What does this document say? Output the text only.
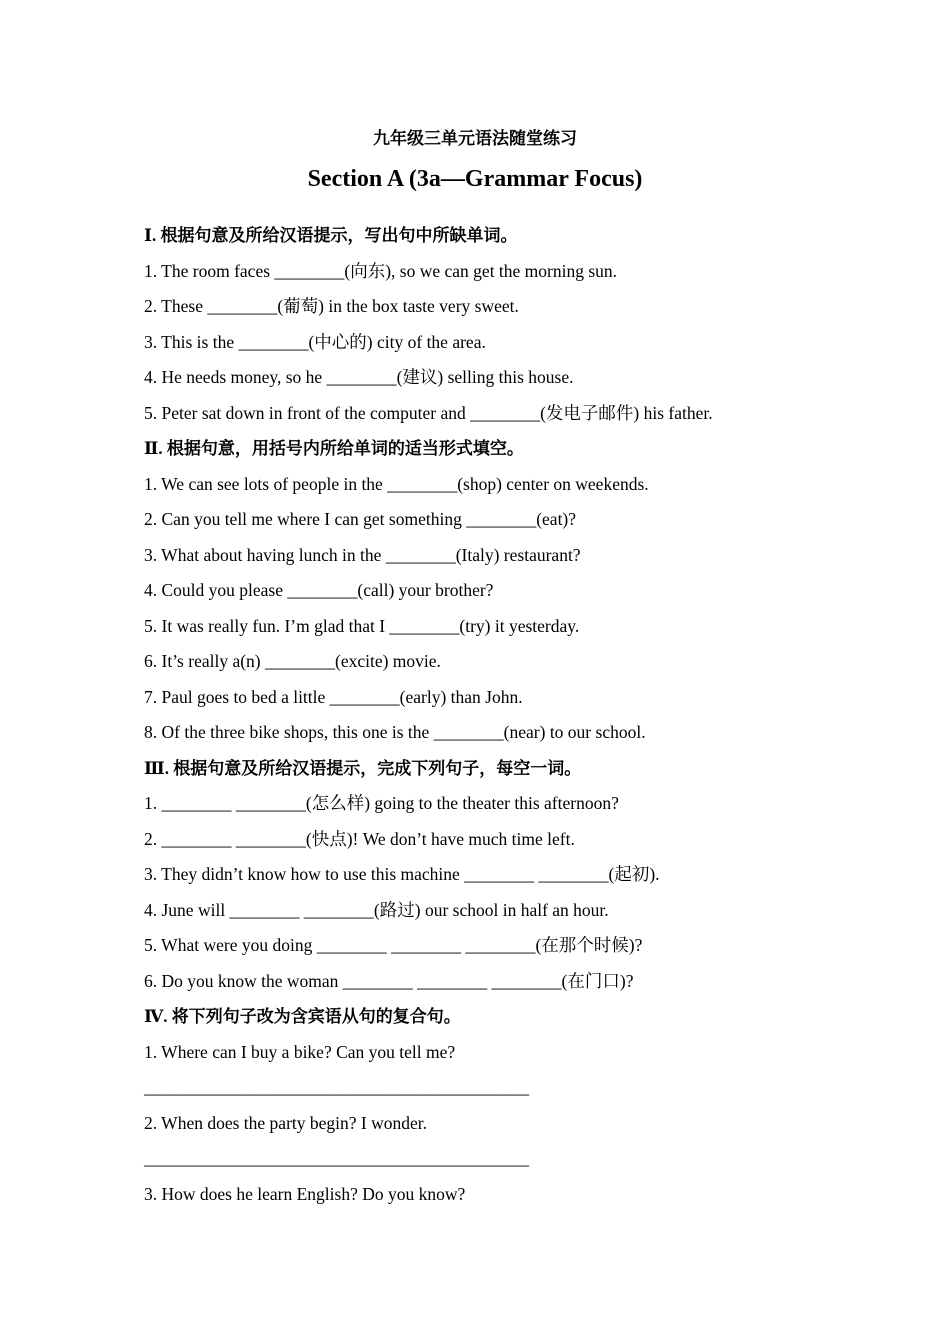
九年级三单元语法随堂练习
Section A (3a—Grammar Focus)
Ⅰ. 根据句意及所给汉语提示，写出句中所缺单词。
1. The room faces ________(向东), so we can get the morning sun.
2. These ________(葡萄) in the box taste very sweet.
3. This is the ________(中心的) city of the area.
4. He needs money, so he ________(建议) selling this house.
5. Peter sat down in front of the computer and ________(发电子邮件) his father.
Ⅱ. 根据句意，用括号内所给单词的适当形式填空。
1. We can see lots of people in the ________(shop) center on weekends.
2. Can you tell me where I can get something ________(eat)?
3. What about having lunch in the ________(Italy) restaurant?
4. Could you please ________(call) your brother?
5. It was really fun. I’m glad that I ________(try) it yesterday.
6. It’s really a(n) ________(excite) movie.
7. Paul goes to bed a little ________(early) than John.
8. Of the three bike shops, this one is the ________(near) to our school.
Ⅲ. 根据句意及所给汉语提示，完成下列句子，每空一词。
1. ________ ________(怎么样) going to the theater this afternoon?
2. ________ ________(快点)! We don’t have much time left.
3. They didn’t know how to use this machine ________ ________(起初).
4. June will ________ ________(路过) our school in half an hour.
5. What were you doing ________ ________ ________(在那个时候)?
6. Do you know the woman ________ ________ ________(在门口)?
Ⅳ. 将下列句子改为含宾语从句的复合句。
1. Where can I buy a bike? Can you tell me?
_____________________________________________
2. When does the party begin? I wonder.
_____________________________________________
3. How does he learn English? Do you know?
